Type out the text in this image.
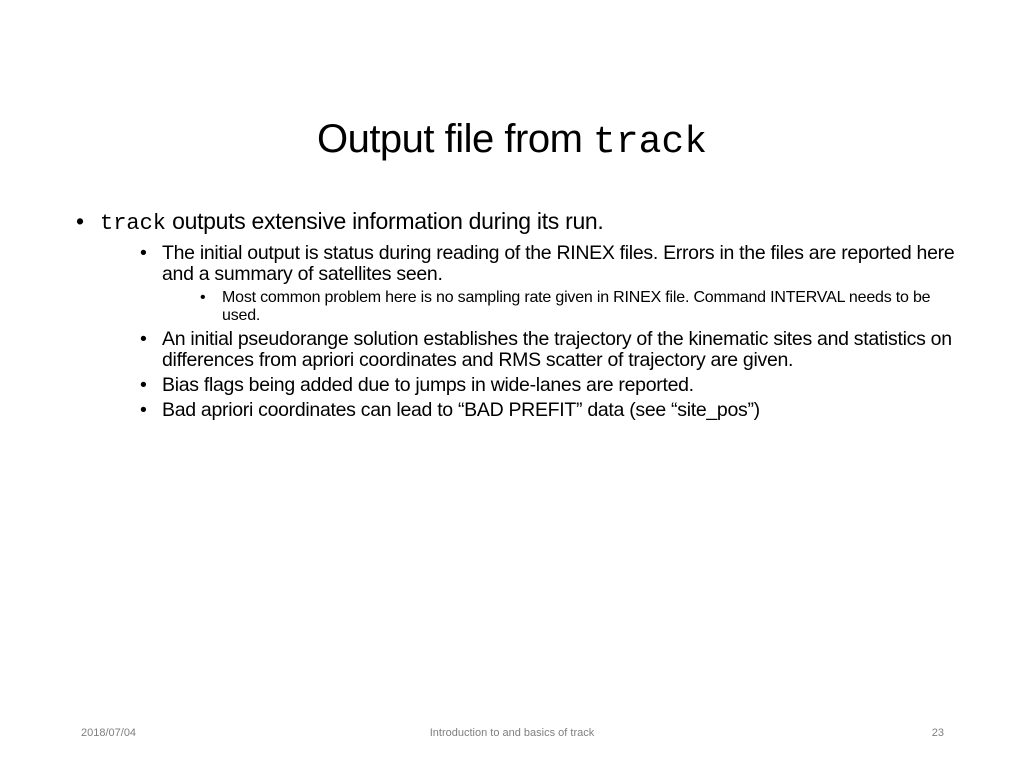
Output file from track
• track outputs extensive information during its run.
• The initial output is status during reading of the RINEX files. Errors in the files are reported here and a summary of satellites seen.
• Most common problem here is no sampling rate given in RINEX file. Command INTERVAL needs to be used.
• An initial pseudorange solution establishes the trajectory of the kinematic sites and statistics on differences from apriori coordinates and RMS scatter of trajectory are given.
• Bias flags being added due to jumps in wide-lanes are reported.
• Bad apriori coordinates can lead to “BAD PREFIT” data (see “site_pos”)
2018/07/04	Introduction to and basics of track	23
